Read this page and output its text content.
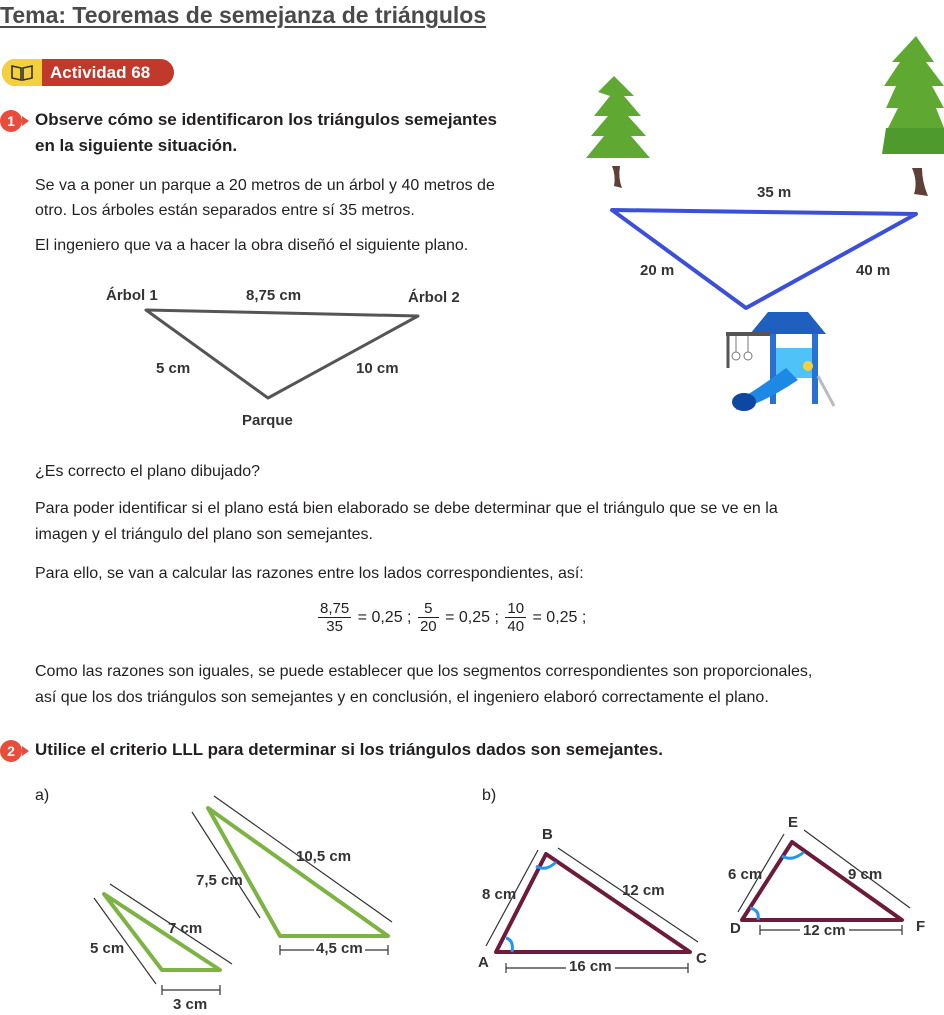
Tema: Teoremas de semejanza de triángulos
Actividad 68
1	Observe cómo se identificaron los triángulos semejantes
en la siguiente situación.
Se va a poner un parque a 20 metros de un árbol y 40 metros de
otro. Los árboles están separados entre sí 35 metros.
El ingeniero que va a hacer la obra diseñó el siguiente plano.
Árbol 1	8,75 cm	Árbol 2
5 cm	10 cm
Parque
35 m
20 m	40 m
¿Es correcto el plano dibujado?
Para poder identificar si el plano está bien elaborado se debe determinar que el triángulo que se ve en la
imagen y el triángulo del plano son semejantes.
Para ello, se van a calcular las razones entre los lados correspondientes, así:
$\frac{8,75}{35} = 0,25$ ; $\frac{5}{20} = 0,25$ ; $\frac{10}{40} = 0,25$ ;
Como las razones son iguales, se puede establecer que los segmentos correspondientes son proporcionales,
así que los dos triángulos son semejantes y en conclusión, el ingeniero elaboró correctamente el plano.
2	Utilice el criterio LLL para determinar si los triángulos dados son semejantes.
a)	b)
7,5 cm
10,5 cm
4,5 cm
5 cm
7 cm
3 cm
B
A	C
8 cm	12 cm
16 cm
E
D	F
6 cm	9 cm
12 cm
